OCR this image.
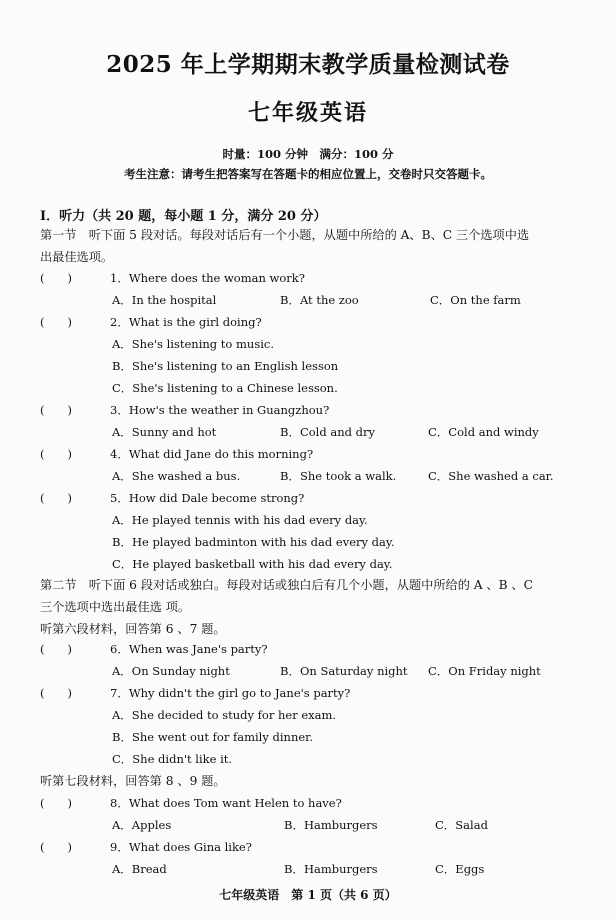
2025 年上学期期末教学质量检测试卷
七年级英语
时量：100 分钟　满分：100 分
考生注意：请考生把答案写在答题卡的相应位置上，交卷时只交答题卡。
Ⅰ．听力（共 20 题，每小题 1 分，满分 20 分）
第一节　听下面 5 段对话。每段对话后有一个小题，从题中所给的 A、B、C 三个选项中选
出最佳选项。
(　　)	1．Where does the woman work?
A．In the hospital	B．At the zoo	C．On the farm
(　　)	2．What is the girl doing?
A．She's listening to music.
B．She's listening to an English lesson
C．She's listening to a Chinese lesson.
(　　)	3．How's the weather in Guangzhou?
A．Sunny and hot	B．Cold and dry	C．Cold and windy
(　　)	4．What did Jane do this morning?
A．She washed a bus.	B．She took a walk.	C．She washed a car.
(　　)	5．How did Dale become strong?
A．He played tennis with his dad every day.
B．He played badminton with his dad every day.
C．He played basketball with his dad every day.
第二节　听下面 6 段对话或独白。每段对话或独白后有几个小题，从题中所给的 A 、B 、C
三个选项中选出最佳选 项。
听第六段材料，回答第 6 、7 题。
(　　)	6．When was Jane's party?
A．On Sunday night	B．On Saturday night C．On Friday night
(　　)	7．Why didn't the girl go to Jane's party?
A．She decided to study for her exam.
B．She went out for family dinner.
C．She didn't like it.
听第七段材料，回答第 8 、9 题。
(　　)	8．What does Tom want Helen to have?
A．Apples	B．Hamburgers	C．Salad
(　　)	9．What does Gina like?
A．Bread	B．Hamburgers	C．Eggs
七年级英语　第 1 页（共 6 页）
